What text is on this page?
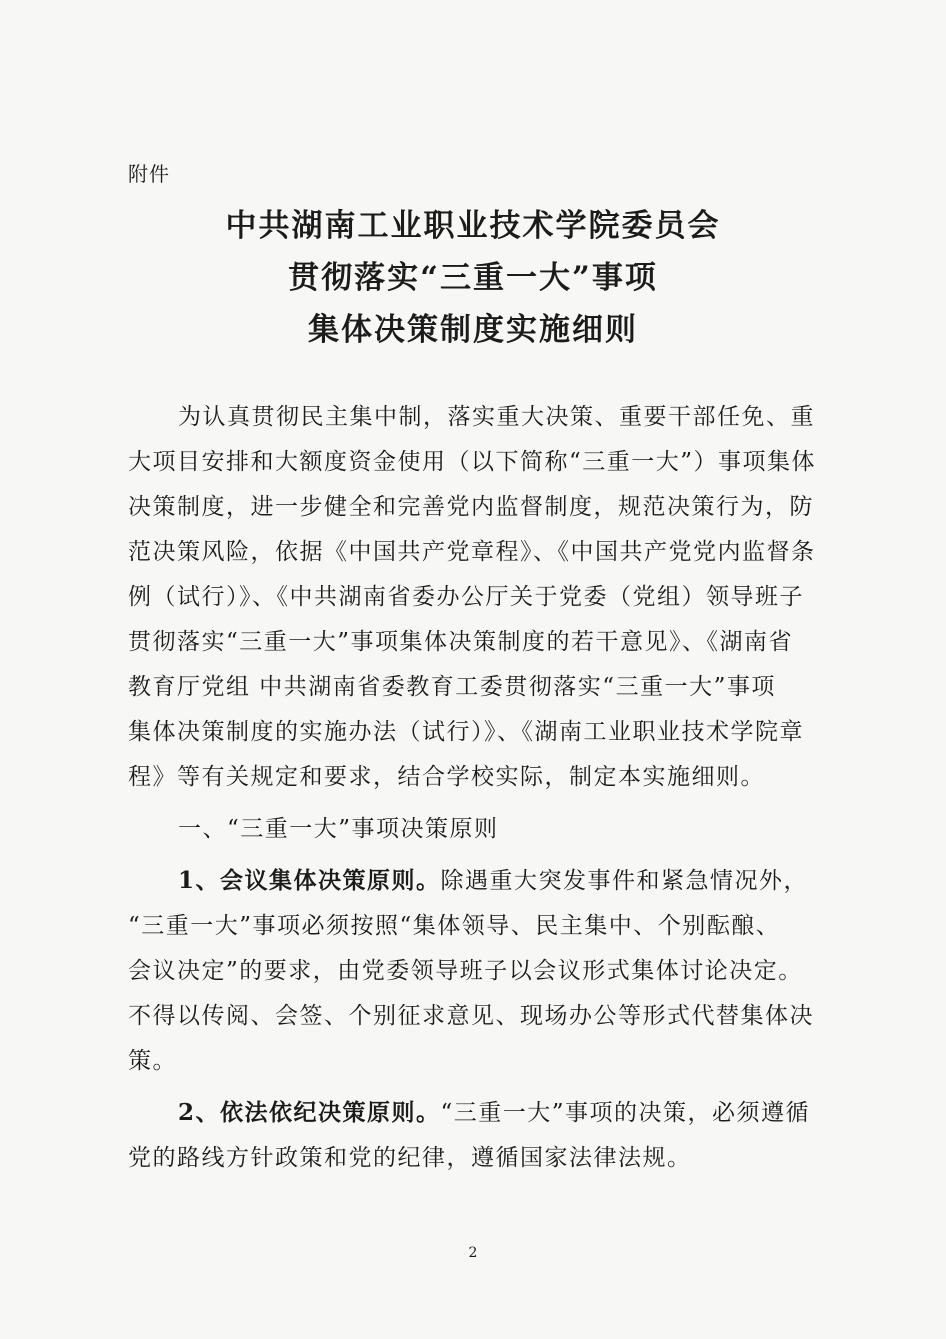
附件
中共湖南工业职业技术学院委员会
贯彻落实“三重一大”事项
集体决策制度实施细则
为认真贯彻民主集中制，落实重大决策、重要干部任免、重
大项目安排和大额度资金使用（以下简称“三重一大”）事项集体
决策制度，进一步健全和完善党内监督制度，规范决策行为，防
范决策风险，依据《中国共产党章程》、《中国共产党党内监督条
例（试行）》、《中共湖南省委办公厅关于党委（党组）领导班子
贯彻落实“三重一大”事项集体决策制度的若干意见》、《湖南省
教育厅党组 中共湖南省委教育工委贯彻落实“三重一大”事项
集体决策制度的实施办法（试行）》、《湖南工业职业技术学院章
程》等有关规定和要求，结合学校实际，制定本实施细则。
一、“三重一大”事项决策原则
1、会议集体决策原则。除遇重大突发事件和紧急情况外，
“三重一大”事项必须按照“集体领导、民主集中、个别酝酿、
会议决定”的要求，由党委领导班子以会议形式集体讨论决定。
不得以传阅、会签、个别征求意见、现场办公等形式代替集体决
策。
2、依法依纪决策原则。“三重一大”事项的决策，必须遵循
党的路线方针政策和党的纪律，遵循国家法律法规。
2
